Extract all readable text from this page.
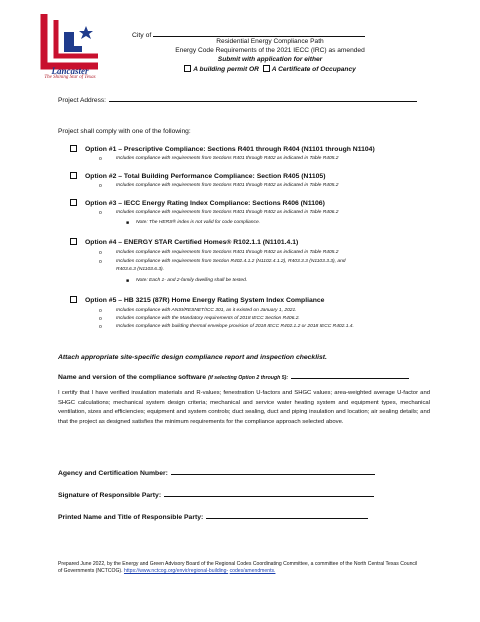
Lancaster
The Shining Star of Texas
City of
Residential Energy Compliance Path
Energy Code Requirements of the 2021 IECC (IRC) as amended
Submit with application for either
A building permit OR A Certificate of Occupancy
Project Address:
Project shall comply with one of the following:
Option #1 – Prescriptive Compliance: Sections R401 through R404 (N1101 through N1104)
o	Includes compliance with requirements from Sections R401 through R402 as indicated in Table R405.2
Option #2 – Total Building Performance Compliance: Section R405 (N1105)
o	Includes compliance with requirements from Sections R401 through R402 as indicated in Table R405.2
Option #3 – IECC Energy Rating Index Compliance: Sections R406 (N1106)
o	Includes compliance with requirements from Sections R401 through R402 as indicated in Table R406.2
■ Note: The HERS® index is not valid for code compliance.
Option #4 – ENERGY STAR Certified Homes® R102.1.1 (N1101.4.1)
o	Includes compliance with requirements from Sections R401 through R402 as indicated in Table R405.2
o	Includes compliance with requirements from Section R402.4.1.2 (N1102.4.1.2), R403.3.3 (N1103.3.3), and
R403.6.3 (N1103.6.3).
■ Note: Each 1- and 2-family dwelling shall be tested.
Option #5 – HB 3215 (87R) Home Energy Rating System Index Compliance
o	Includes compliance with ANSI/RESNET/ICC 301, as it existed on January 1, 2021.
o	Includes compliance with the Mandatory requirements of 2018 IECC Section R406.2.
o	Includes compliance with building thermal envelope provision of 2018 IECC R402.1.2 or 2018 IECC R402.1.4.
Attach appropriate site-specific design compliance report and inspection checklist.
Name and version of the compliance software (if selecting Option 2 through 5):
I certify that I have verified insulation materials and R-values; fenestration U-factors and SHGC values; area-weighted average U-factor and SHGC calculations; mechanical system design criteria; mechanical and service water heating system and equipment types, mechanical ventilation, sizes and efficiencies; equipment and system controls; duct sealing, duct and piping insulation and location; air sealing details; and that the project as designed satisfies the minimum requirements for the compliance approach selected above.
Agency and Certification Number:
Signature of Responsible Party:
Printed Name and Title of Responsible Party:
Prepared June 2022, by the Energy and Green Advisory Board of the Regional Codes Coordinating Committee, a committee of the North Central Texas Council of Governments (NCTCOG). https://www.nctcog.org/envir/regional-building- codes/amendments.
